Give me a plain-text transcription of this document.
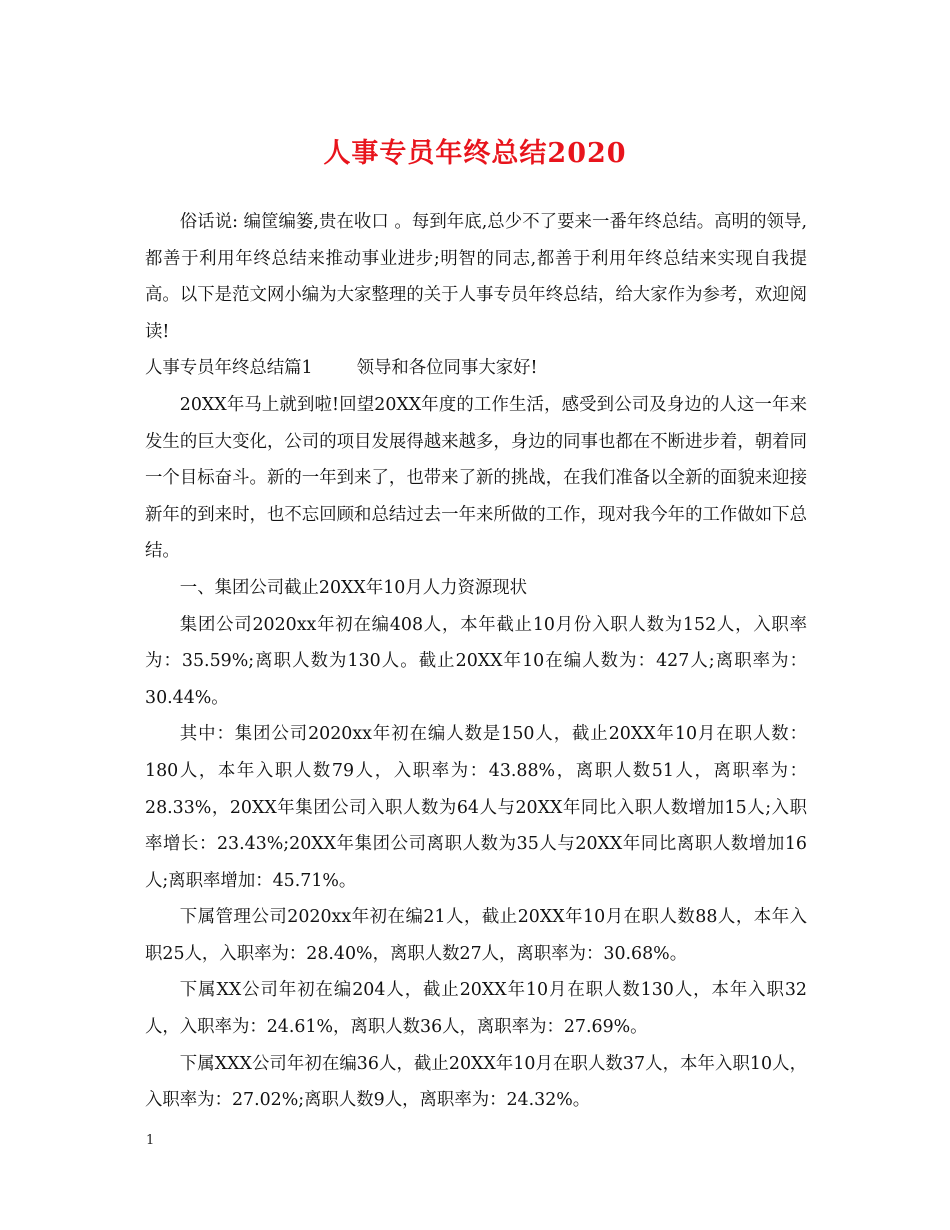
人事专员年终总结2020

俗话说: 编筐编篓,贵在收口 。每到年底,总少不了要来一番年终总结。高明的领导,都善于利用年终总结来推动事业进步;明智的同志,都善于利用年终总结来实现自我提高。以下是范文网小编为大家整理的关于人事专员年终总结，给大家作为参考，欢迎阅读!

人事专员年终总结篇1	领导和各位同事大家好!

20XX年马上就到啦!回望20XX年度的工作生活，感受到公司及身边的人这一年来发生的巨大变化，公司的项目发展得越来越多，身边的同事也都在不断进步着，朝着同一个目标奋斗。新的一年到来了，也带来了新的挑战，在我们准备以全新的面貌来迎接新年的到来时，也不忘回顾和总结过去一年来所做的工作，现对我今年的工作做如下总结。

一、集团公司截止20XX年10月人力资源现状

集团公司2020xx年初在编408人，本年截止10月份入职人数为152人，入职率为：35.59%;离职人数为130人。截止20XX年10在编人数为：427人;离职率为：30.44%。

其中：集团公司2020xx年初在编人数是150人，截止20XX年10月在职人数：180人，本年入职人数79人，入职率为：43.88%，离职人数51人，离职率为：28.33%，20XX年集团公司入职人数为64人与20XX年同比入职人数增加15人;入职率增长：23.43%;20XX年集团公司离职人数为35人与20XX年同比离职人数增加16人;离职率增加：45.71%。

下属管理公司2020xx年初在编21人，截止20XX年10月在职人数88人，本年入职25人，入职率为：28.40%，离职人数27人，离职率为：30.68%。

下属XX公司年初在编204人，截止20XX年10月在职人数130人，本年入职32人，入职率为：24.61%，离职人数36人，离职率为：27.69%。

下属XXX公司年初在编36人，截止20XX年10月在职人数37人，本年入职10人，入职率为：27.02%;离职人数9人，离职率为：24.32%。

1
